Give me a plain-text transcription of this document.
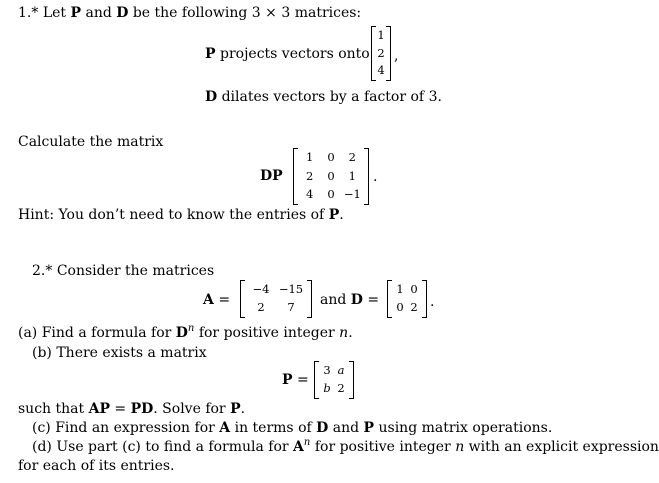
1.* Let P and D be the following 3 × 3 matrices:
P projects vectors onto
1
2
4
,
D dilates vectors by a factor of 3.
Calculate the matrix
DP
1	0	2
2	0	1
4	0 −1
.
Hint: You don’t need to know the entries of P.
2.* Consider the matrices
A =
−4 −15
2	7	and D =
1 0
0 2 .
(a) Find a formula for $D^n$ for positive integer n.
(b) There exists a matrix
P =
3 a
b 2
such that AP = PD. Solve for P.
(c) Find an expression for A in terms of D and P using matrix operations.
(d) Use part (c) to find a formula for $A^n$ for positive integer n with an explicit expression
for each of its entries.
